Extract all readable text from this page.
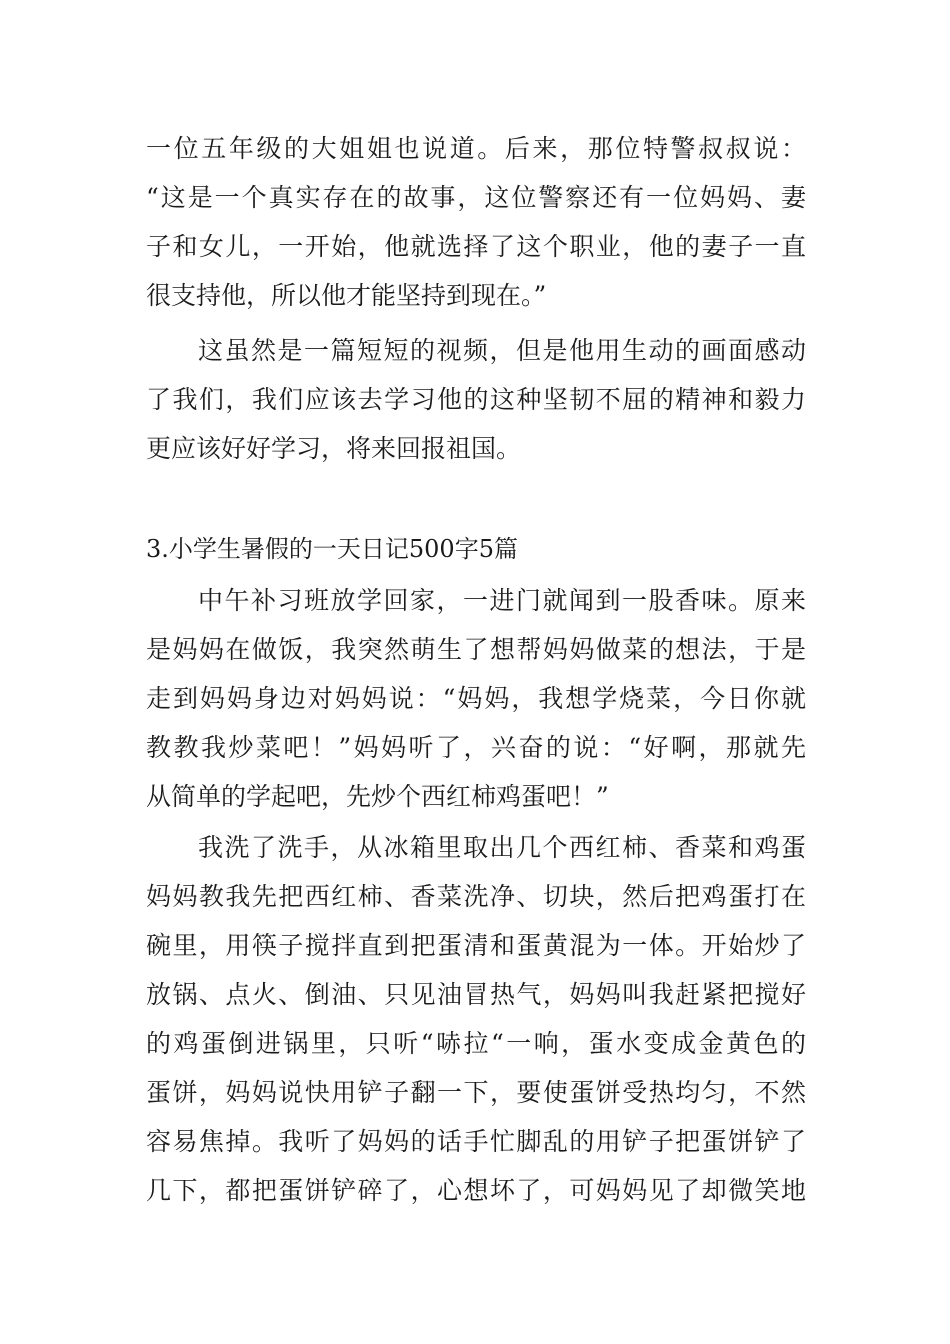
一位五年级的大姐姐也说道。后来，那位特警叔叔说：
“这是一个真实存在的故事，这位警察还有一位妈妈、妻
子和女儿，一开始，他就选择了这个职业，他的妻子一直
很支持他，所以他才能坚持到现在。”
这虽然是一篇短短的视频，但是他用生动的画面感动
了我们，我们应该去学习他的这种坚韧不屈的精神和毅力
更应该好好学习，将来回报祖国。
3.小学生暑假的一天日记500字5篇
中午补习班放学回家，一进门就闻到一股香味。原来
是妈妈在做饭，我突然萌生了想帮妈妈做菜的想法，于是
走到妈妈身边对妈妈说：“妈妈，我想学烧菜，今日你就
教教我炒菜吧！”妈妈听了，兴奋的说：“好啊，那就先
从简单的学起吧，先炒个西红柿鸡蛋吧！”
我洗了洗手，从冰箱里取出几个西红柿、香菜和鸡蛋
妈妈教我先把西红柿、香菜洗净、切块，然后把鸡蛋打在
碗里，用筷子搅拌直到把蛋清和蛋黄混为一体。开始炒了
放锅、点火、倒油、只见油冒热气，妈妈叫我赶紧把搅好
的鸡蛋倒进锅里，只听“哧拉“一响，蛋水变成金黄色的
蛋饼，妈妈说快用铲子翻一下，要使蛋饼受热均匀，不然
容易焦掉。我听了妈妈的话手忙脚乱的用铲子把蛋饼铲了
几下，都把蛋饼铲碎了，心想坏了，可妈妈见了却微笑地
